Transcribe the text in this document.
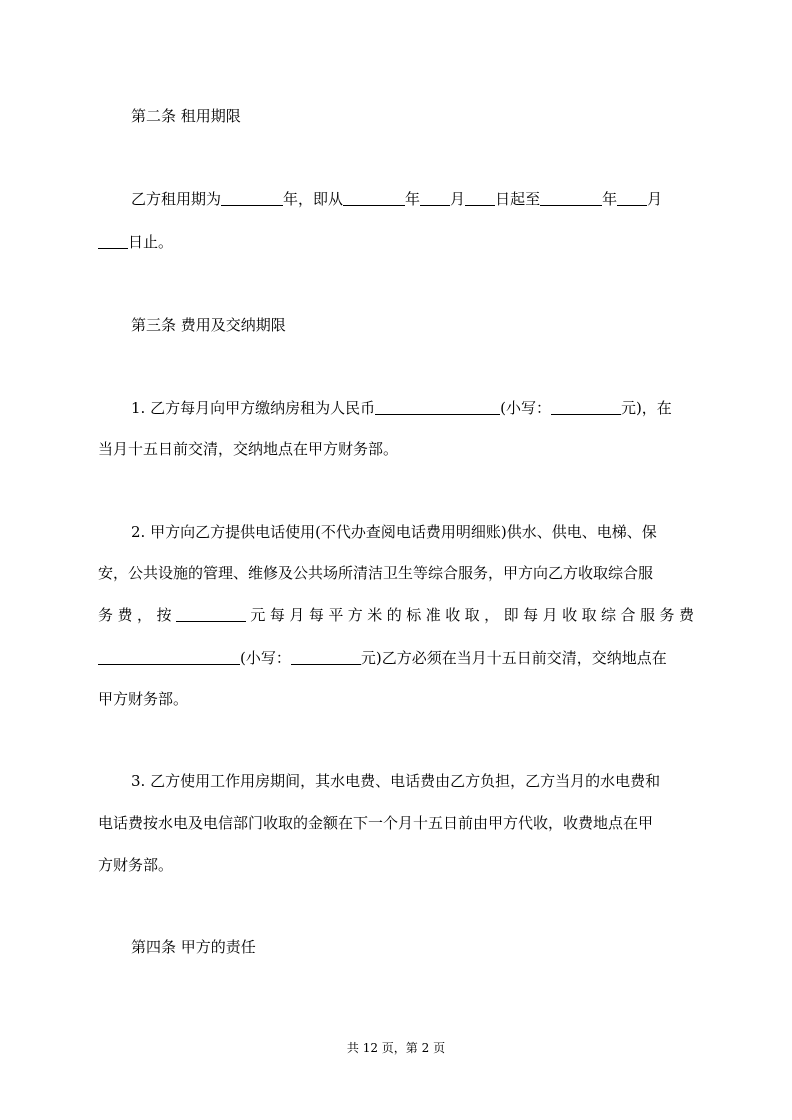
第二条 租用期限
乙方租用期为	年，即从	年 月 日起至	年 月
日止。
第三条 费用及交纳期限
1. 乙方每月向甲方缴纳房租为人民币	(小写：	元)，在
当月十五日前交清，交纳地点在甲方财务部。
2. 甲方向乙方提供电话使用(不代办查阅电话费用明细账)供水、供电、电梯、保
安，公共设施的管理、维修及公共场所清洁卫生等综合服务，甲方向乙方收取综合服
务费，按	元每月每平方米的标准收取，即每月收取综合服务费
(小写：	元)乙方必须在当月十五日前交清，交纳地点在
甲方财务部。
3. 乙方使用工作用房期间，其水电费、电话费由乙方负担，乙方当月的水电费和
电话费按水电及电信部门收取的金额在下一个月十五日前由甲方代收，收费地点在甲
方财务部。
第四条 甲方的责任
共 12 页，第 2 页
